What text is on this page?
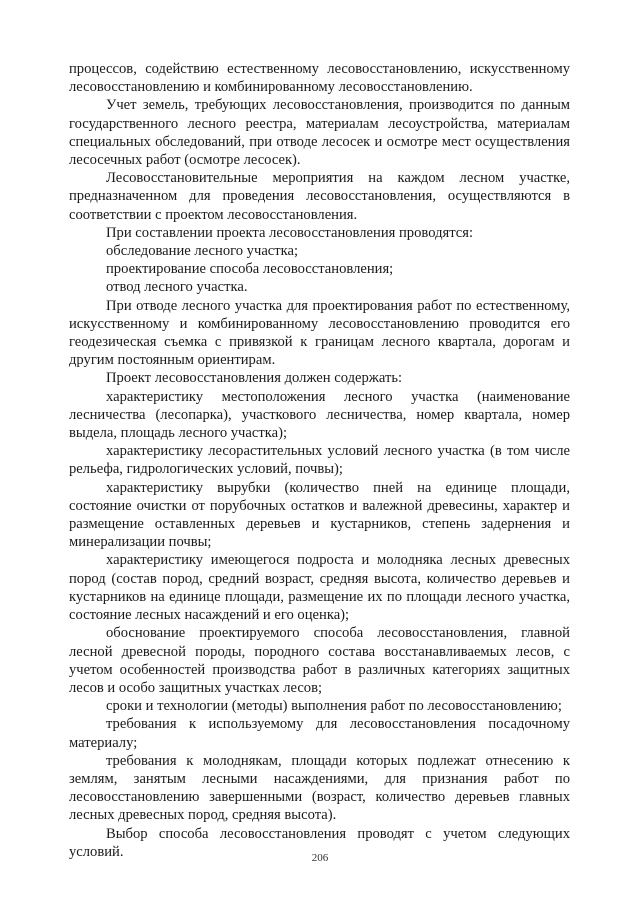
процессов, содействию естественному лесовосстановлению, искусственному лесовосстановлению и комбинированному лесовосстановлению.

Учет земель, требующих лесовосстановления, производится по данным государственного лесного реестра, материалам лесоустройства, материалам специальных обследований, при отводе лесосек и осмотре мест осуществления лесосечных работ (осмотре лесосек).

Лесовосстановительные мероприятия на каждом лесном участке, предназначенном для проведения лесовосстановления, осуществляются в соответствии с проектом лесовосстановления.

При составлении проекта лесовосстановления проводятся:

обследование лесного участка;

проектирование способа лесовосстановления;

отвод лесного участка.

При отводе лесного участка для проектирования работ по естественному, искусственному и комбинированному лесовосстановлению проводится его геодезическая съемка с привязкой к границам лесного квартала, дорогам и другим постоянным ориентирам.

Проект лесовосстановления должен содержать:

характеристику местоположения лесного участка (наименование лесничества (лесопарка), участкового лесничества, номер квартала, номер выдела, площадь лесного участка);

характеристику лесорастительных условий лесного участка (в том числе рельефа, гидрологических условий, почвы);

характеристику вырубки (количество пней на единице площади, состояние очистки от порубочных остатков и валежной древесины, характер и размещение оставленных деревьев и кустарников, степень задернения и минерализации почвы;

характеристику имеющегося подроста и молодняка лесных древесных пород (состав пород, средний возраст, средняя высота, количество деревьев и кустарников на единице площади, размещение их по площади лесного участка, состояние лесных насаждений и его оценка);

обоснование проектируемого способа лесовосстановления, главной лесной древесной породы, породного состава восстанавливаемых лесов, с учетом особенностей производства работ в различных категориях защитных лесов и особо защитных участках лесов;

сроки и технологии (методы) выполнения работ по лесовосстановлению;

требования к используемому для лесовосстановления посадочному материалу;

требования к молоднякам, площади которых подлежат отнесению к землям, занятым лесными насаждениями, для признания работ по лесовосстановлению завершенными (возраст, количество деревьев главных лесных древесных пород, средняя высота).

Выбор способа лесовосстановления проводят с учетом следующих условий.	206
